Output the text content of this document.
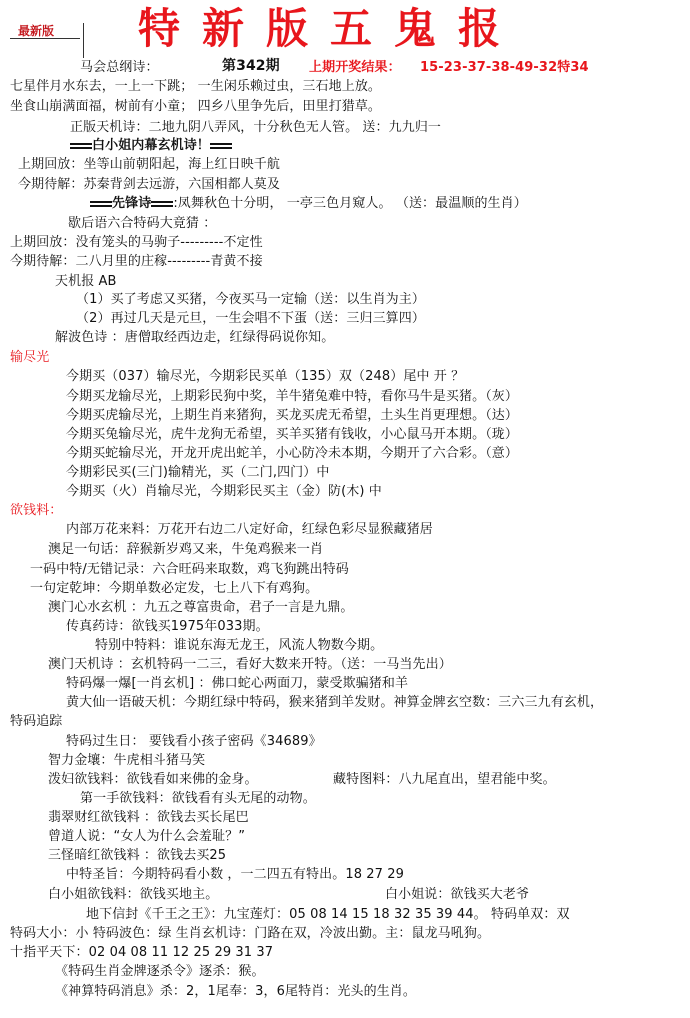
最新版	特新版五鬼报
马会总纲诗：	第342期 上期开奖结果： 15-23-37-38-49-32特34
七星伴月水东去，一上一下跳； 一生闲乐赖过虫，三石地上放。
坐食山崩满面福，树前有小童； 四乡八里争先后，田里打猎草。
正版天机诗：二地九阴八弄风，十分秋色无人管。 送：九九归一
白小姐内幕玄机诗！
上期回放：坐等山前朝阳起，海上红日映千航
今期待解：苏秦背剑去远游，六国相都人莫及
先锋诗 :凤舞秋色十分明， 一亭三色月窥人。 （送：最温顺的生肖）
歇后语六合特码大竟猜 ：
上期回放：没有笼头的马驹子---------不定性
今期待解：二八月里的庄稼---------青黄不接
天机报 AB
（1）买了考虑又买猪，今夜买马一定输（送：以生肖为主）
（2）再过几天是元旦，一生会唱不下蛋（送：三归三算四）
解波色诗 ：唐僧取经西边走，红绿得码说你知。
输尽光
今期买（037）输尽光，今期彩民买单（135）双（248）尾中 开 ？
今期买龙输尽光，上期彩民狗中奖，羊牛猪兔难中特，看你马牛是买猪。（灰）
今期买虎输尽光，上期生肖来猪狗，买龙买虎无希望，土头生肖更理想。（达）
今期买兔输尽光，虎牛龙狗无希望，买羊买猪有钱收，小心鼠马开本期。（珑）
今期买蛇输尽光，开龙开虎出蛇羊，小心防冷未本期，今期开了六合彩。（意）
今期彩民买(三门)输精光，买（二门,四门）中
今期买（火）肖输尽光，今期彩民买主（金）防(木) 中
欲钱料：
内部万花来料：万花开右边二八定好命，红绿色彩尽显猴藏猪居
澳足一句话：辞猴新岁鸡又来，牛兔鸡猴来一肖
一码中特/无错记录：六合旺码来取数，鸡飞狗跳出特码
一句定乾坤：今期单数必定发，七上八下有鸡狗。
澳门心水玄机 ：九五之尊富贵命，君子一言是九鼎。
传真药诗：欲钱买1975年033期。
特别中特料：谁说东海无龙王，风流人物数今期。
澳门天机诗 ：玄机特码一二三，看好大数来开特。（送：一马当先出）
特码爆一爆[一肖玄机] ：佛口蛇心两面刀，蒙受欺骗猪和羊
黄大仙一语破天机：今期红绿中特码，猴来猪到羊发财。神算金牌玄空数：三六三九有玄机，
特码追踪
特码过生日： 要钱看小孩子密码《34689》
智力金壤：牛虎相斗猪马笑
泼妇欲钱料：欲钱看如来佛的金身。	藏特图料：八九尾直出，望君能中奖。
第一手欲钱料：欲钱看有头无尾的动物。
翡翠财红欲钱料 ：欲钱去买长尾巴
曾道人说：“女人为什么会羞耻？”
三怪暗红欲钱料 ：欲钱去买25
中特圣旨：今期特码看小数 ，一二四五有特出。18 27 29
白小姐欲钱料：欲钱买地主。	白小姐说：欲钱买大老爷
地下信封《千王之王》：九宝莲灯：05 08 14 15 18 32 35 39 44。 特码单双：双
特码大小：小 特码波色：绿 生肖玄机诗：门路在双，冷波出勤。主：鼠龙马吼狗。
十指平天下：02 04 08 11 12 25 29 31 37
《特码生肖金牌逐杀令》逐杀：猴。
《神算特码消息》杀：2，1尾奉：3，6尾特肖：光头的生肖。
